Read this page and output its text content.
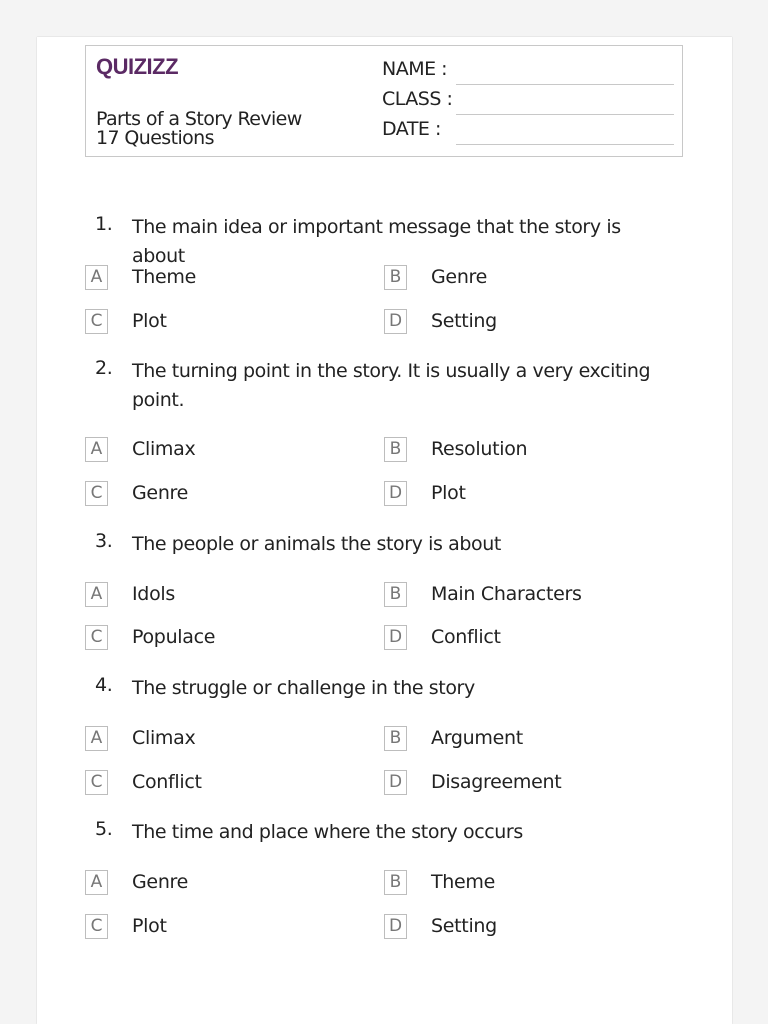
QUIZIZZ
Parts of a Story Review
17 Questions
NAME :
CLASS :
DATE :
1.	The main idea or important message that the story is about
A Theme	B Genre
C Plot	D Setting
2.	The turning point in the story. It is usually a very exciting point.
A Climax	B Resolution
C Genre	D Plot
3.	The people or animals the story is about
A Idols	B Main Characters
C Populace	D Conflict
4.	The struggle or challenge in the story
A Climax	B Argument
C Conflict	D Disagreement
5.	The time and place where the story occurs
A Genre	B Theme
C Plot	D Setting
